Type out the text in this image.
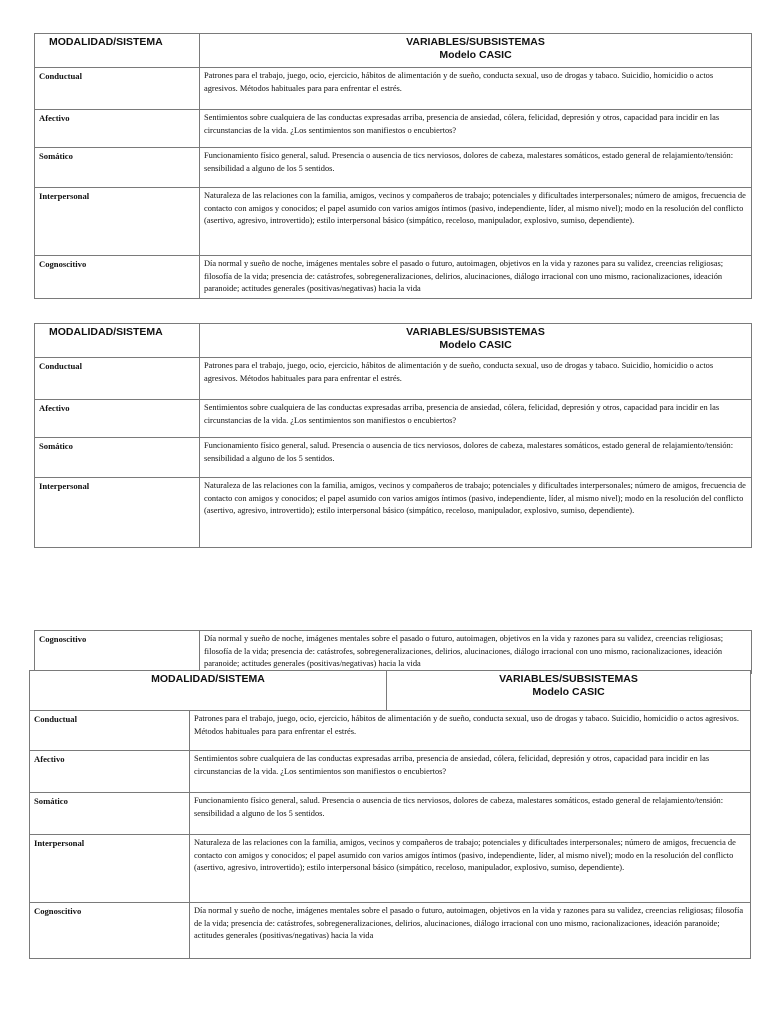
MODALIDAD/SISTEMA	VARIABLES/SUBSISTEMAS
Modelo CASIC

Conductual	Patrones para el trabajo, juego, ocio, ejercicio, hábitos de alimentación y de sueño, conducta sexual, uso de drogas y tabaco. Suicidio, homicidio o actos agresivos. Métodos habituales para para enfrentar el estrés.
Afectivo	Sentimientos sobre cualquiera de las conductas expresadas arriba, presencia de ansiedad, cólera, felicidad, depresión y otros, capacidad para incidir en las circunstancias de la vida. ¿Los sentimientos son manifiestos o encubiertos?
Somático	Funcionamiento físico general, salud. Presencia o ausencia de tics nerviosos, dolores de cabeza, malestares somáticos, estado general de relajamiento/tensión: sensibilidad a alguno de los 5 sentidos.
Interpersonal	Naturaleza de las relaciones con la familia, amigos, vecinos y compañeros de trabajo; potenciales y dificultades interpersonales; número de amigos, frecuencia de contacto con amigos y conocidos; el papel asumido con varios amigos íntimos (pasivo, independiente, líder, al mismo nivel); modo en la resolución del conflicto (asertivo, agresivo, introvertido); estilo interpersonal básico (simpático, receloso, manipulador, explosivo, sumiso, dependiente).
Cognoscitivo	Día normal y sueño de noche, imágenes mentales sobre el pasado o futuro, autoimagen, objetivos en la vida y razones para su validez, creencias religiosas; filosofía de la vida; presencia de: catástrofes, sobregeneralizaciones, delirios, alucinaciones, diálogo irracional con uno mismo, racionalizaciones, ideación paranoide; actitudes generales (positivas/negativas) hacia la vida
MODALIDAD/SISTEMA	VARIABLES/SUBSISTEMAS
Modelo CASIC

Conductual	Patrones para el trabajo, juego, ocio, ejercicio, hábitos de alimentación y de sueño, conducta sexual, uso de drogas y tabaco. Suicidio, homicidio o actos agresivos. Métodos habituales para para enfrentar el estrés.
Afectivo	Sentimientos sobre cualquiera de las conductas expresadas arriba, presencia de ansiedad, cólera, felicidad, depresión y otros, capacidad para incidir en las circunstancias de la vida. ¿Los sentimientos son manifiestos o encubiertos?
Somático	Funcionamiento físico general, salud. Presencia o ausencia de tics nerviosos, dolores de cabeza, malestares somáticos, estado general de relajamiento/tensión: sensibilidad a alguno de los 5 sentidos.
Interpersonal	Naturaleza de las relaciones con la familia, amigos, vecinos y compañeros de trabajo; potenciales y dificultades interpersonales; número de amigos, frecuencia de contacto con amigos y conocidos; el papel asumido con varios amigos íntimos (pasivo, independiente, líder, al mismo nivel); modo en la resolución del conflicto (asertivo, agresivo, introvertido); estilo interpersonal básico (simpático, receloso, manipulador, explosivo, sumiso, dependiente).
Cognoscitivo	Día normal y sueño de noche, imágenes mentales sobre el pasado o futuro, autoimagen, objetivos en la vida y razones para su validez, creencias religiosas; filosofía de la vida; presencia de: catástrofes, sobregeneralizaciones, delirios, alucinaciones, diálogo irracional con uno mismo, racionalizaciones, ideación paranoide; actitudes generales (positivas/negativas) hacia la vida
MODALIDAD/SISTEMA		VARIABLES/SUBSISTEMAS
Modelo CASIC

Conductual	Patrones para el trabajo, juego, ocio, ejercicio, hábitos de alimentación y de sueño, conducta sexual, uso de drogas y tabaco. Suicidio, homicidio o actos agresivos. Métodos habituales para para enfrentar el estrés.	
Afectivo	Sentimientos sobre cualquiera de las conductas expresadas arriba, presencia de ansiedad, cólera, felicidad, depresión y otros, capacidad para incidir en las circunstancias de la vida. ¿Los sentimientos son manifiestos o encubiertos?	
Somático	Funcionamiento físico general, salud. Presencia o ausencia de tics nerviosos, dolores de cabeza, malestares somáticos, estado general de relajamiento/tensión: sensibilidad a alguno de los 5 sentidos.	
Interpersonal	Naturaleza de las relaciones con la familia, amigos, vecinos y compañeros de trabajo; potenciales y dificultades interpersonales; número de amigos, frecuencia de contacto con amigos y conocidos; el papel asumido con varios amigos íntimos (pasivo, independiente, líder, al mismo nivel); modo en la resolución del conflicto (asertivo, agresivo, introvertido); estilo interpersonal básico (simpático, receloso, manipulador, explosivo, sumiso, dependiente).	
Cognoscitivo	Día normal y sueño de noche, imágenes mentales sobre el pasado o futuro, autoimagen, objetivos en la vida y razones para su validez, creencias religiosas; filosofía de la vida; presencia de: catástrofes, sobregeneralizaciones, delirios, alucinaciones, diálogo irracional con uno mismo, racionalizaciones, ideación paranoide; actitudes generales (positivas/negativas) hacia la vida	
